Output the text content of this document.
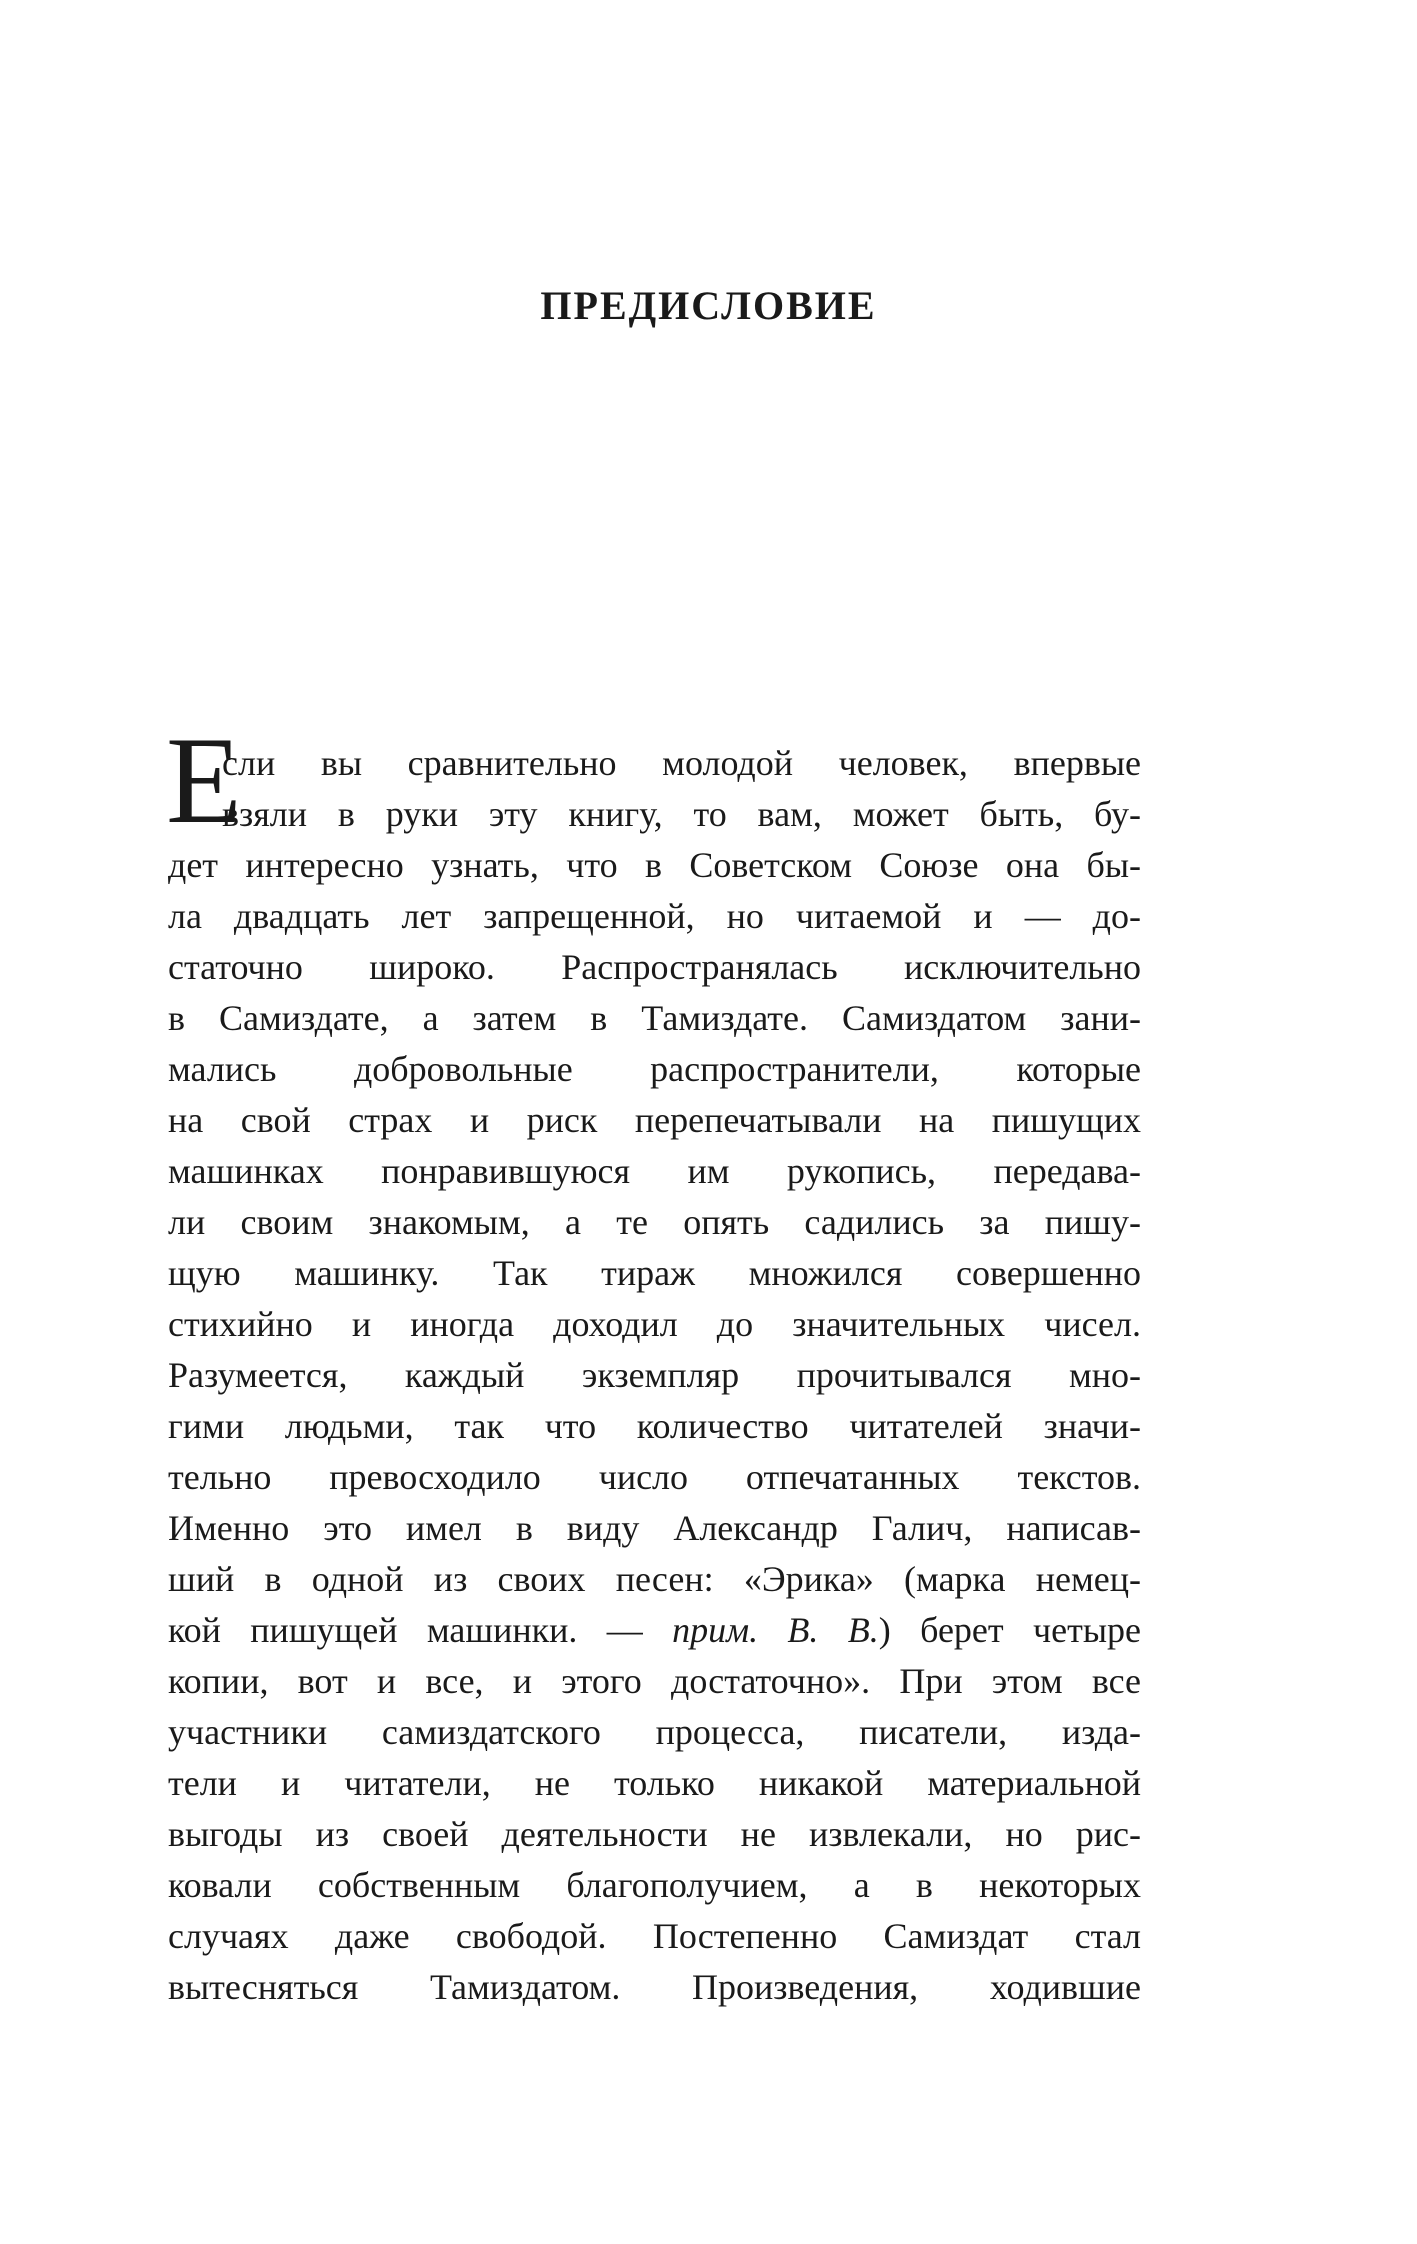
ПРЕДИСЛОВИЕ
Е
сли вы сравнительно молодой человек, впервые
взяли в руки эту книгу, то вам, может быть, бу-
дет интересно узнать, что в Советском Союзе она бы-
ла двадцать лет запрещенной, но читаемой и — до-
статочно широко. Распространялась исключительно
в Самиздате, а затем в Тамиздате. Самиздатом зани-
мались добровольные распространители, которые
на свой страх и риск перепечатывали на пишущих
машинках понравившуюся им рукопись, передава-
ли своим знакомым, а те опять садились за пишу-
щую машинку. Так тираж множился совершенно
стихийно и иногда доходил до значительных чисел.
Разумеется, каждый экземпляр прочитывался мно-
гими людьми, так что количество читателей значи-
тельно превосходило число отпечатанных текстов.
Именно это имел в виду Александр Галич, написав-
ший в одной из своих песен: «Эрика» (марка немец-
кой пишущей машинки. — прим. В. В.) берет четыре
копии, вот и все, и этого достаточно». При этом все
участники самиздатского процесса, писатели, изда-
тели и читатели, не только никакой материальной
выгоды из своей деятельности не извлекали, но рис-
ковали собственным благополучием, а в некоторых
случаях даже свободой. Постепенно Самиздат стал
вытесняться Тамиздатом. Произведения, ходившие
